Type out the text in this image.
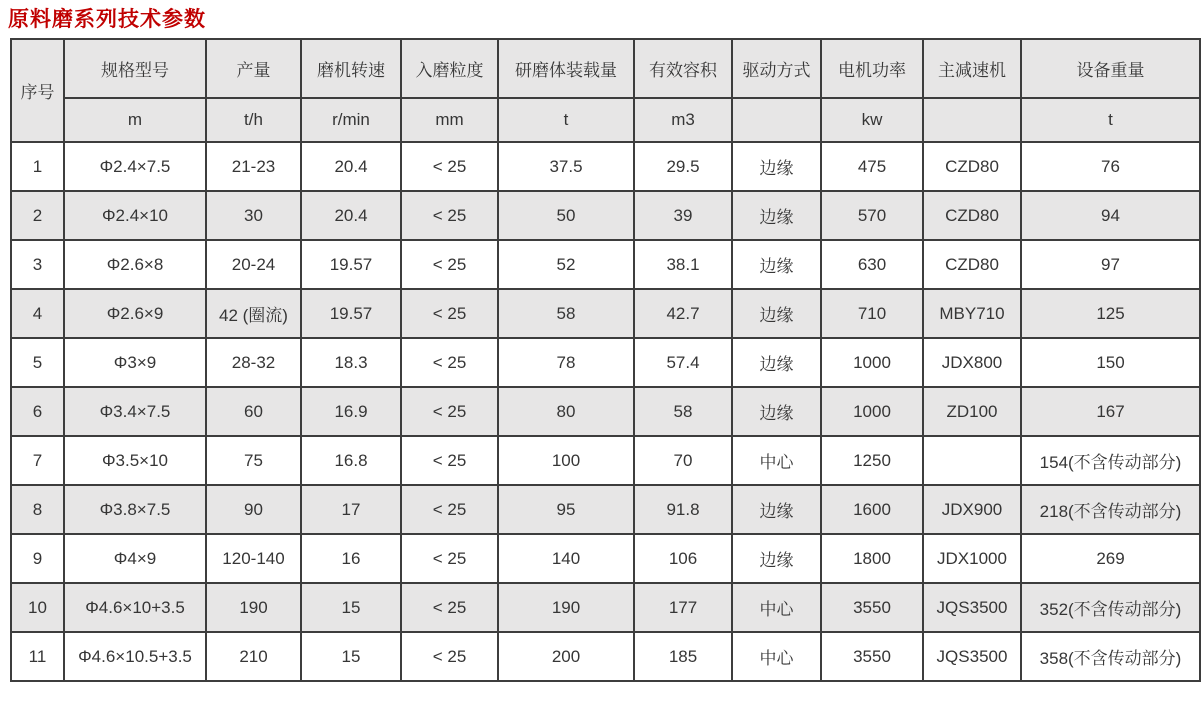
原料磨系列技术参数
序号	规格型号	产量	磨机转速	入磨粒度	研磨体装载量	有效容积	驱动方式	电机功率	主减速机	设备重量
	m	t/h	r/min	mm	t	m3		kw		t
1	Φ2.4×7.5	21-23	20.4	< 25	37.5	29.5	边缘	475	CZD80	76
2	Φ2.4×10	30	20.4	< 25	50	39	边缘	570	CZD80	94
3	Φ2.6×8	20-24	19.57	< 25	52	38.1	边缘	630	CZD80	97
4	Φ2.6×9	42 (圈流)	19.57	< 25	58	42.7	边缘	710	MBY710	125
5	Φ3×9	28-32	18.3	< 25	78	57.4	边缘	1000	JDX800	150
6	Φ3.4×7.5	60	16.9	< 25	80	58	边缘	1000	ZD100	167
7	Φ3.5×10	75	16.8	< 25	100	70	中心	1250		154(不含传动部分)
8	Φ3.8×7.5	90	17	< 25	95	91.8	边缘	1600	JDX900	218(不含传动部分)
9	Φ4×9	120-140	16	< 25	140	106	边缘	1800	JDX1000	269
10	Φ4.6×10+3.5	190	15	< 25	190	177	中心	3550	JQS3500	352(不含传动部分)
11	Φ4.6×10.5+3.5	210	15	< 25	200	185	中心	3550	JQS3500	358(不含传动部分)
